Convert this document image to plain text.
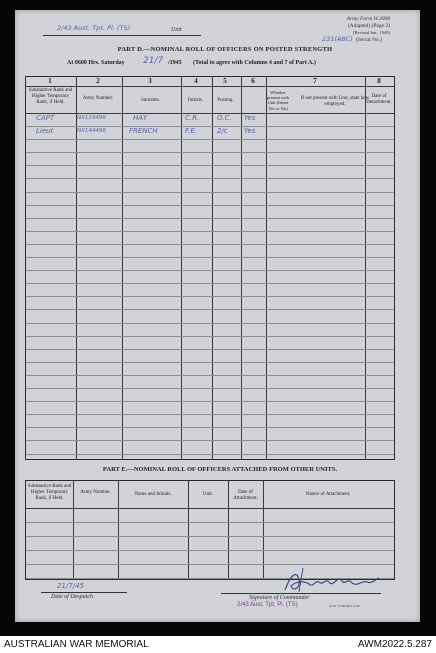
2/43 Aust. Tpt. Pl. (TS)	Unit
Army Form W.3008
(Adapted) (Page 2)
(Revised Jan., 1940)
231(ABC) (Serial No.)
PART D.—NOMINAL ROLL OF OFFICERS ON POSTED STRENGTH
At 0600 Hrs. Saturday 21/7 /1945 (Total to agree with Columns 4 and 7 of Part A.)
1	2	3	4	5	6	7	8
Substantive Rank and Higher Temporary Rank, if Held.
Army Number.	Surname.	Initials.	Posting.
Whether present with Unit (Insert Yes or No)
If not present with Unit, state how employed.
Date of Detachment.
CAPT	NX133498	HAY	C.R.	O.C. Yes
Lieut	NX144498	FRENCH	F.E.	2/c Yes
PART E.—NOMINAL ROLL OF OFFICERS ATTACHED FROM OTHER UNITS.
Substantive Rank and Higher Temporary Rank, if Held.
Army Number.	Name and Initials.	Unit.	Date of Attachment.
Nature of Attachment.
21/7/45
Date of Despatch	Signature of Commander
2/43 Aust. Tpt. Pl. (TS)	A.W. 77/46 Mar. 2/45
AUSTRALIAN WAR MEMORIAL	AWM2022.5.287
